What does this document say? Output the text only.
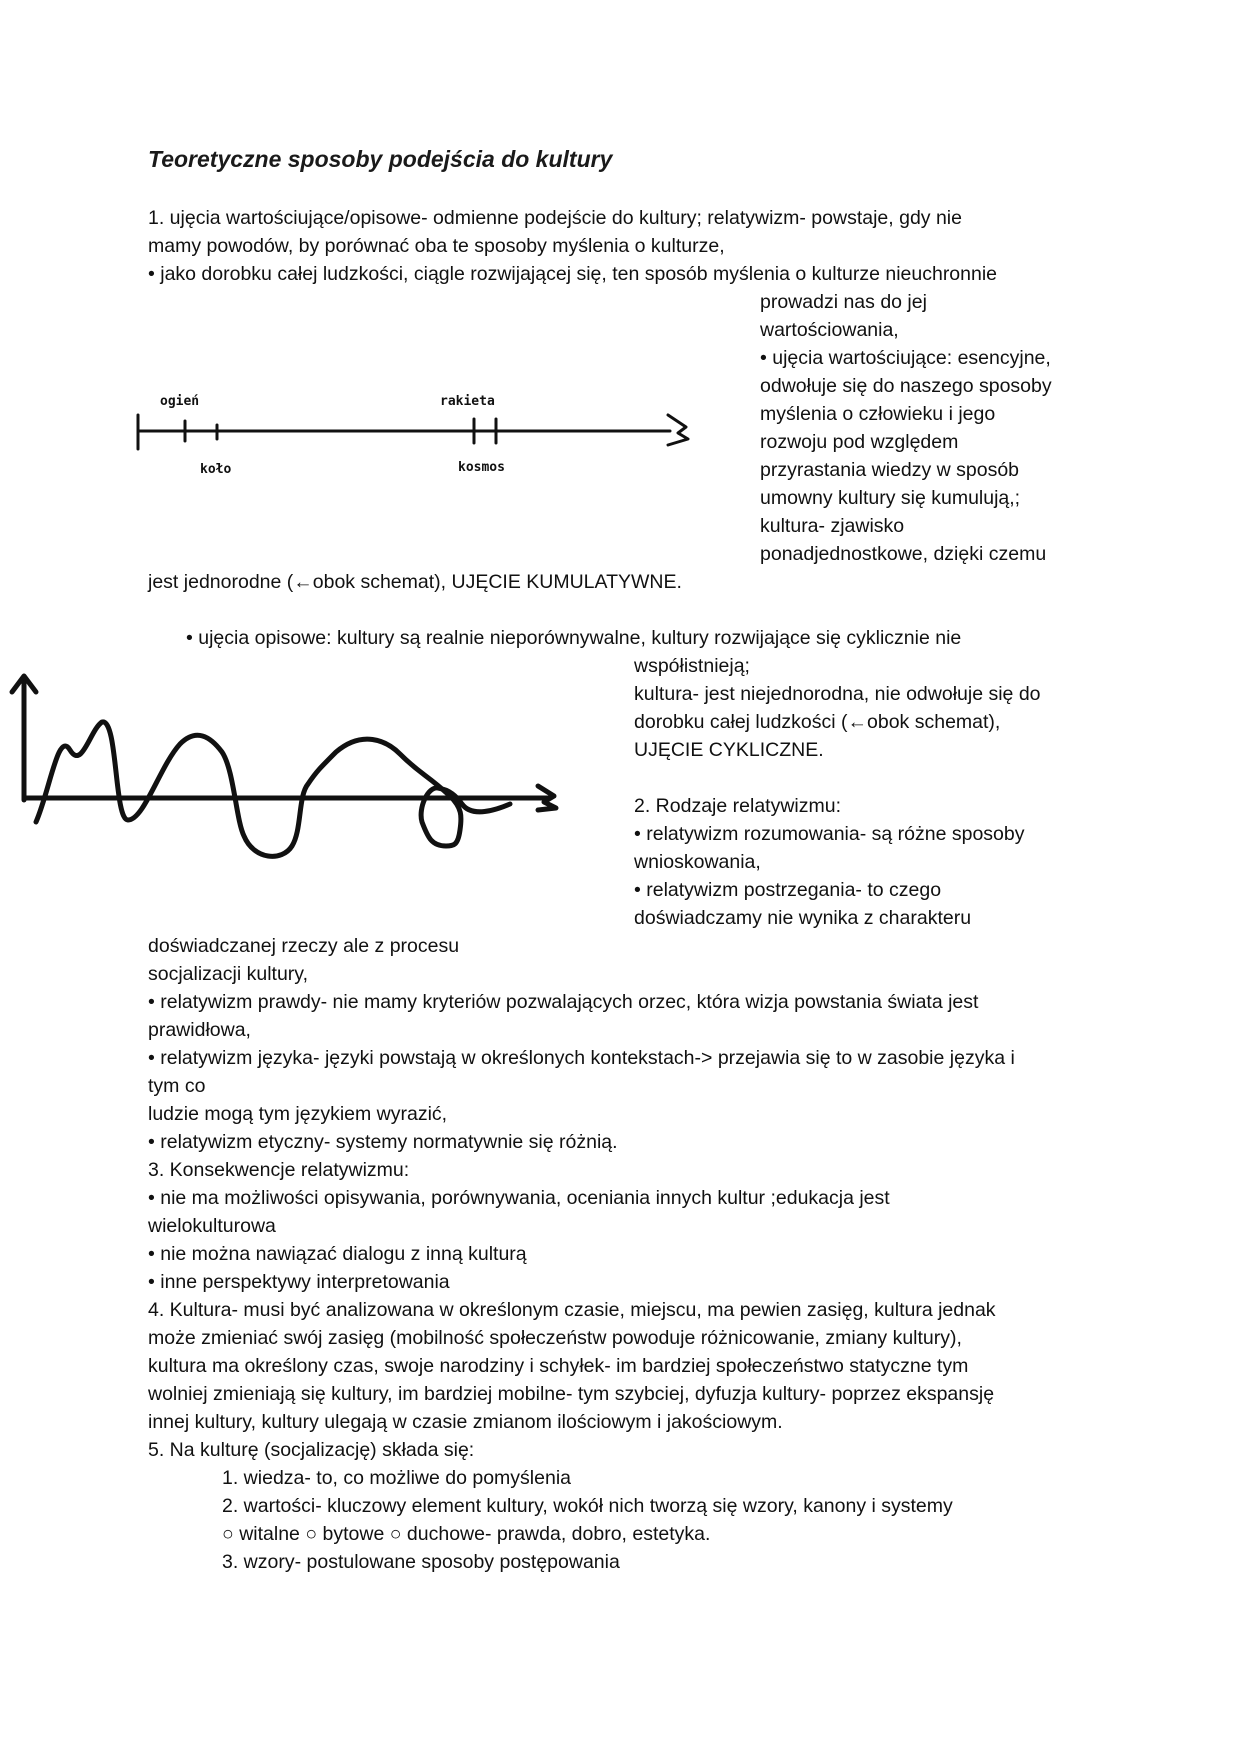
Teoretyczne sposoby podejścia do kultury
1. ujęcia wartościujące/opisowe- odmienne podejście do kultury; relatywizm- powstaje, gdy nie
mamy powodów, by porównać oba te sposoby myślenia o kulturze,
• jako dorobku całej ludzkości, ciągle rozwijającej się, ten sposób myślenia o kulturze nieuchronnie
prowadzi nas do jej
wartościowania,
• ujęcia wartościujące: esencyjne,
odwołuje się do naszego sposoby
myślenia o człowieku i jego
rozwoju pod względem
przyrastania wiedzy w sposób
umowny kultury się kumulują,;
kultura- zjawisko
ponadjednostkowe, dzięki czemu
jest jednorodne (←obok schemat), UJĘCIE KUMULATYWNE.
• ujęcia opisowe: kultury są realnie nieporównywalne, kultury rozwijające się cyklicznie nie
współistnieją;
kultura- jest niejednorodna, nie odwołuje się do
dorobku całej ludzkości (←obok schemat),
UJĘCIE CYKLICZNE.
2. Rodzaje relatywizmu:
• relatywizm rozumowania- są różne sposoby
wnioskowania,
• relatywizm postrzegania- to czego
doświadczamy nie wynika z charakteru
doświadczanej rzeczy ale z procesu
socjalizacji kultury,
• relatywizm prawdy- nie mamy kryteriów pozwalających orzec, która wizja powstania świata jest
prawidłowa,
• relatywizm języka- języki powstają w określonych kontekstach-> przejawia się to w zasobie języka i
tym co
ludzie mogą tym językiem wyrazić,
• relatywizm etyczny- systemy normatywnie się różnią.
3. Konsekwencje relatywizmu:
• nie ma możliwości opisywania, porównywania, oceniania innych kultur ;edukacja jest
wielokulturowa
• nie można nawiązać dialogu z inną kulturą
• inne perspektywy interpretowania
4. Kultura- musi być analizowana w określonym czasie, miejscu, ma pewien zasięg, kultura jednak
może zmieniać swój zasięg (mobilność społeczeństw powoduje różnicowanie, zmiany kultury),
kultura ma określony czas, swoje narodziny i schyłek- im bardziej społeczeństwo statyczne tym
wolniej zmieniają się kultury, im bardziej mobilne- tym szybciej, dyfuzja kultury- poprzez ekspansję
innej kultury, kultury ulegają w czasie zmianom ilościowym i jakościowym.
5. Na kulturę (socjalizację) składa się:
1. wiedza- to, co możliwe do pomyślenia
2. wartości- kluczowy element kultury, wokół nich tworzą się wzory, kanony i systemy
○ witalne ○ bytowe ○ duchowe- prawda, dobro, estetyka.
3. wzory- postulowane sposoby postępowania
ogień
koło
rakieta
kosmos
